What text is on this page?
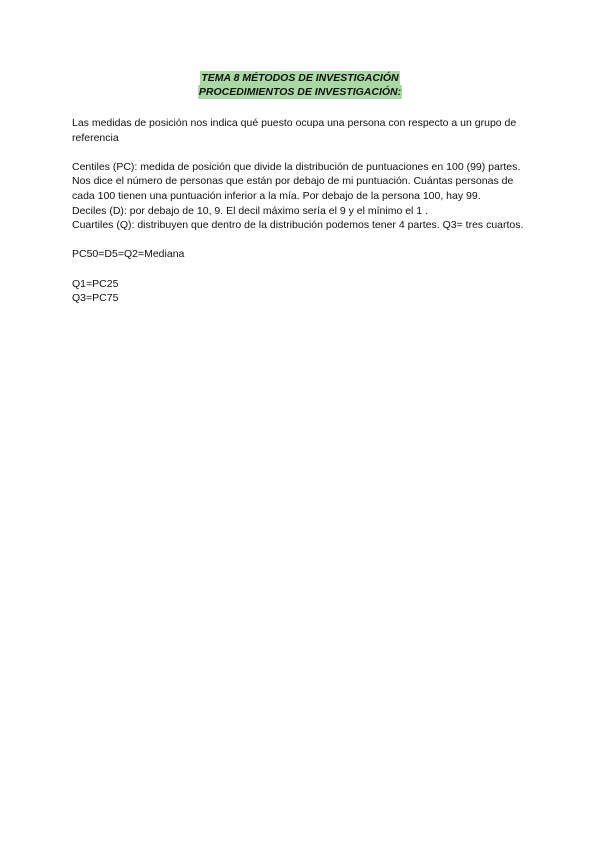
TEMA 8 MÉTODOS DE INVESTIGACIÓN
PROCEDIMIENTOS DE INVESTIGACIÓN:

Las medidas de posición nos indica qué puesto ocupa una persona con respecto a un grupo de referencia

Centiles (PC): medida de posición que divide la distribución de puntuaciones en 100 (99) partes. Nos dice el número de personas que están por debajo de mi puntuación. Cuántas personas de cada 100 tienen una puntuación inferior a la mía. Por debajo de la persona 100, hay 99.

Deciles (D): por debajo de 10, 9. El decil máximo sería el 9 y el mínimo el 1 .

Cuartiles (Q): distribuyen que dentro de la distribución podemos tener 4 partes. Q3= tres cuartos.

PC50=D5=Q2=Mediana

Q1=PC25

Q3=PC75
